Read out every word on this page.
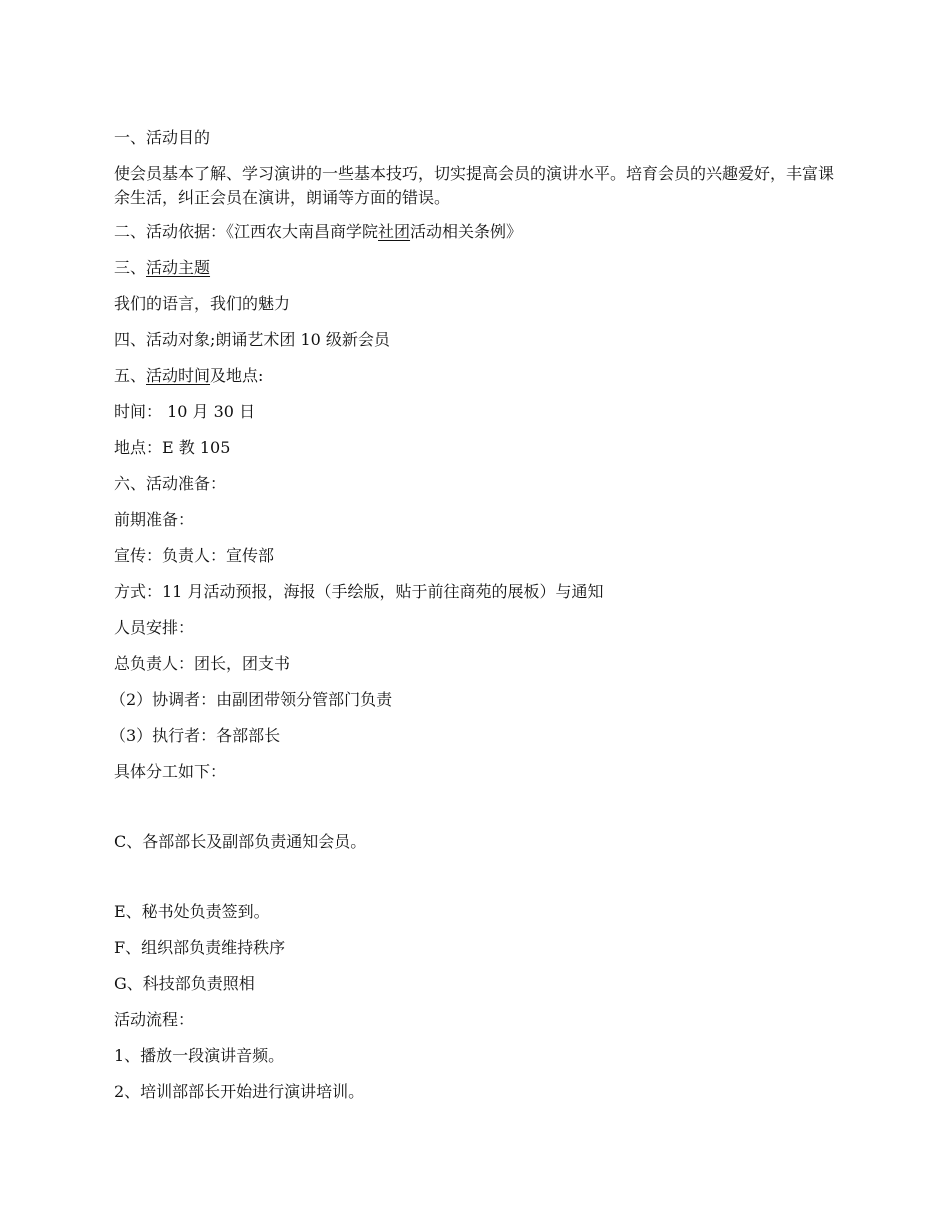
一、活动目的
使会员基本了解、学习演讲的一些基本技巧，切实提高会员的演讲水平。培育会员的兴趣爱好，丰富课余生活，纠正会员在演讲，朗诵等方面的错误。
二、活动依据：《江西农大南昌商学院社团活动相关条例》
三、活动主题
我们的语言，我们的魅力
四、活动对象;朗诵艺术团 10 级新会员
五、活动时间及地点:
时间： 10 月 30 日
地点：E 教 105
六、活动准备：
前期准备：
宣传：负责人：宣传部
方式：11 月活动预报，海报（手绘版，贴于前往商苑的展板）与通知
人员安排：
总负责人：团长，团支书
（2）协调者：由副团带领分管部门负责
（3）执行者：各部部长
具体分工如下：
C、各部部长及副部负责通知会员。
E、秘书处负责签到。
F、组织部负责维持秩序
G、科技部负责照相
活动流程：
1、播放一段演讲音频。
2、培训部部长开始进行演讲培训。
